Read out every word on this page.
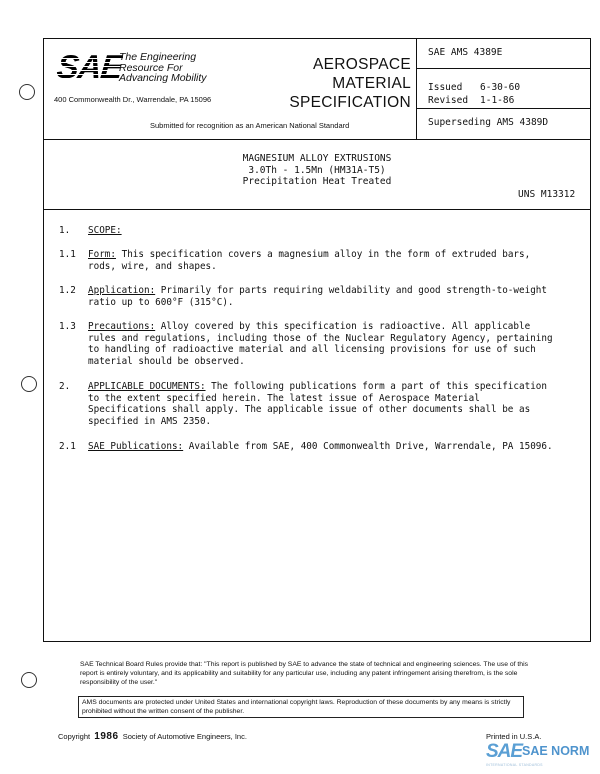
SAE
The Engineering
Resource For
Advancing Mobility
400 Commonwealth Dr., Warrendale, PA 15096
AEROSPACE
MATERIAL
SPECIFICATION
Submitted for recognition as an American National Standard
SAE AMS 4389E
Issued 6-30-60
Revised 1-1-86
Superseding AMS 4389D
MAGNESIUM ALLOY EXTRUSIONS
3.0Th - 1.5Mn (HM31A-T5)
Precipitation Heat Treated
UNS M13312
1. SCOPE:
1.1 Form: This specification covers a magnesium alloy in the form of extruded bars, rods, wire, and shapes.
1.2 Application: Primarily for parts requiring weldability and good strength-to-weight ratio up to 600°F (315°C).
1.3 Precautions: Alloy covered by this specification is radioactive. All applicable rules and regulations, including those of the Nuclear Regulatory Agency, pertaining to handling of radioactive material and all licensing provisions for use of such material should be observed.
2. APPLICABLE DOCUMENTS: The following publications form a part of this specification to the extent specified herein. The latest issue of Aerospace Material Specifications shall apply. The applicable issue of other documents shall be as specified in AMS 2350.
2.1 SAE Publications: Available from SAE, 400 Commonwealth Drive, Warrendale, PA 15096.
SAE Technical Board Rules provide that: "This report is published by SAE to advance the state of technical and engineering sciences. The use of this report is entirely voluntary, and its applicability and suitability for any particular use, including any patent infringement arising therefrom, is the sole responsibility of the user."
AMS documents are protected under United States and international copyright laws. Reproduction of these documents by any means is strictly prohibited without the written consent of the publisher.
Copyright 1986 Society of Automotive Engineers, Inc.	Printed in U.S.A.
SAE SAE NORM
INTERNATIONAL STANDARDS
